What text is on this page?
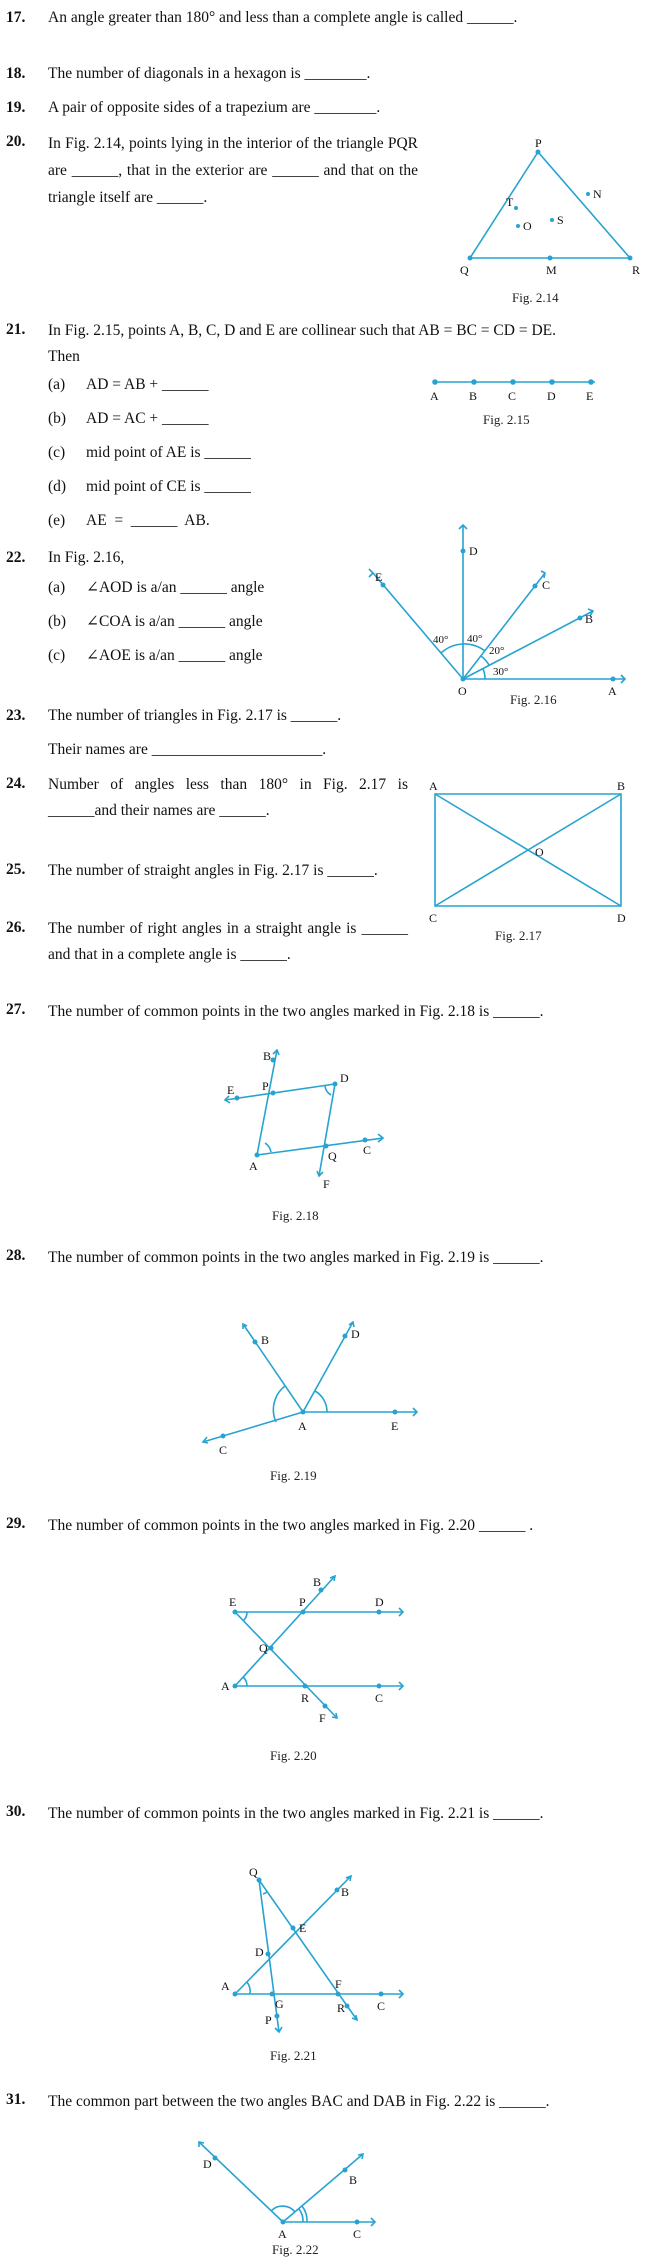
17.	An angle greater than 180° and less than a complete angle is called ______.
18.	The number of diagonals in a hexagon is ________.
19.	A pair of opposite sides of a trapezium are ________.
20.	In Fig. 2.14, points lying in the interior of the triangle PQR are ______, that in the exterior are ______ and that on the triangle itself are ______.
P
T
N
O S
Q	M	R
Fig. 2.14
21.	In Fig. 2.15, points A, B, C, D and E are collinear such that AB = BC = CD = DE. Then
(a) AD = AB + ______
(b) AD = AC + ______
(c) mid point of AE is ______
(d) mid point of CE is ______
(e) AE  =  ______  AB.
A	B	C	D	E
Fig. 2.15
22.	In Fig. 2.16,
(a) ∠AOD is a/an ______ angle
(b) ∠COA is a/an ______ angle
(c) ∠AOE is a/an ______ angle
E
D
C
B
A
O
40° 40°
20°
30°
Fig. 2.16
23.	The number of triangles in Fig. 2.17 is ______.
Their names are ______________________.
24.	Number of angles less than 180° in Fig. 2.17 is ______and their names are ______.
25.	The number of straight angles in Fig. 2.17 is ______.
26.	The number of right angles in a straight angle is ______ and that in a complete angle is ______.
A	B
O
C	D
Fig. 2.17
27.	The number of common points in the two angles marked in Fig. 2.18 is ______.
B
E P
D
A
Q C
F
Fig. 2.18
28.	The number of common points in the two angles marked in Fig. 2.19 is ______.
B	D
A	E
C
Fig. 2.19
29.	The number of common points in the two angles marked in Fig. 2.20 ______ .
B
E	P	D
Q
A
R	C
F
Fig. 2.20
30.	The number of common points in the two angles marked in Fig. 2.21 is ______.
Q
B
E
D
A
G
F
C
R
P
Fig. 2.21
31.	The common part between the two angles BAC and DAB in Fig. 2.22 is ______.
D
B
A	C
Fig. 2.22
